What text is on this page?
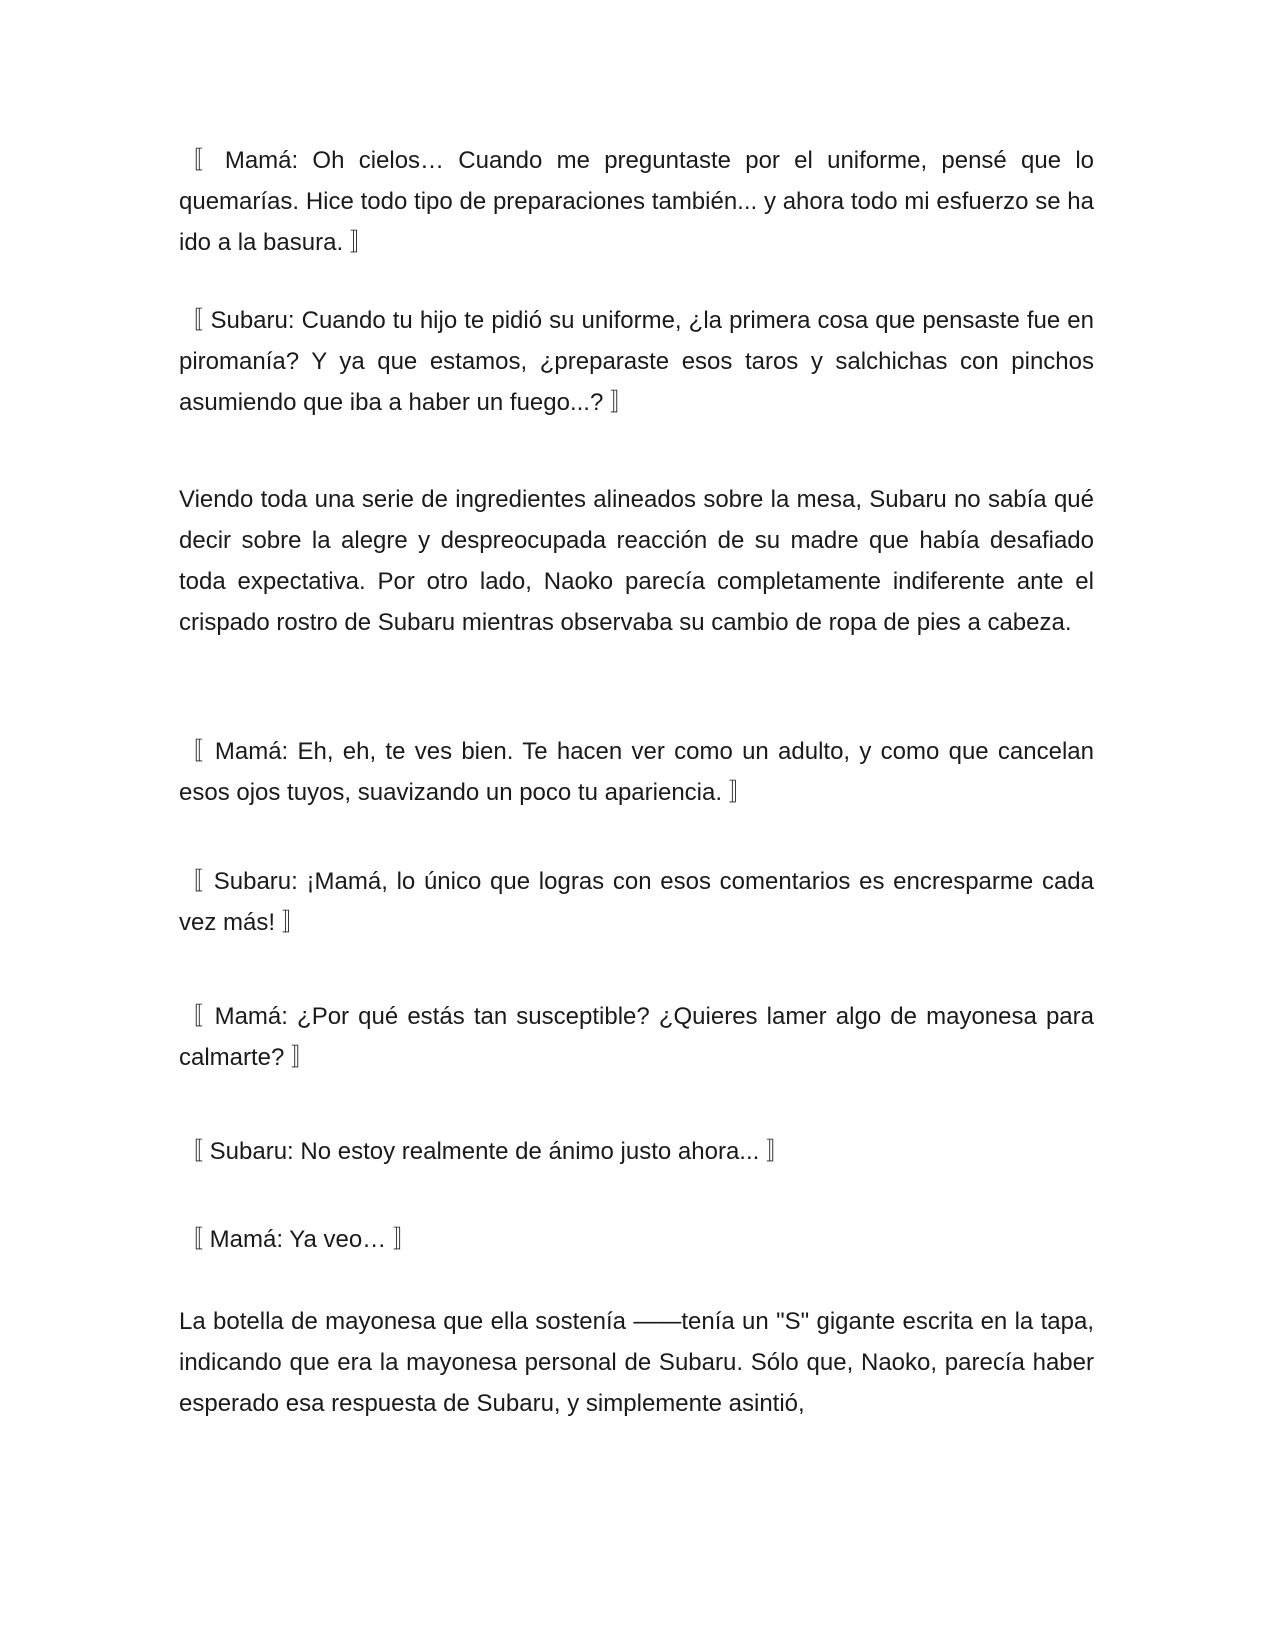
〚 Mamá: Oh cielos… Cuando me preguntaste por el uniforme, pensé que lo quemarías. Hice todo tipo de preparaciones también... y ahora todo mi esfuerzo se ha ido a la basura. 〛

〚 Subaru: Cuando tu hijo te pidió su uniforme, ¿la primera cosa que pensaste fue en piromanía? Y ya que estamos, ¿preparaste esos taros y salchichas con pinchos asumiendo que iba a haber un fuego...? 〛

Viendo toda una serie de ingredientes alineados sobre la mesa, Subaru no sabía qué decir sobre la alegre y despreocupada reacción de su madre que había desafiado toda expectativa. Por otro lado, Naoko parecía completamente indiferente ante el crispado rostro de Subaru mientras observaba su cambio de ropa de pies a cabeza.

〚 Mamá: Eh, eh, te ves bien. Te hacen ver como un adulto, y como que cancelan esos ojos tuyos, suavizando un poco tu apariencia. 〛

〚 Subaru: ¡Mamá, lo único que logras con esos comentarios es encresparme cada vez más! 〛

〚 Mamá: ¿Por qué estás tan susceptible? ¿Quieres lamer algo de mayonesa para calmarte? 〛

〚 Subaru: No estoy realmente de ánimo justo ahora... 〛

〚 Mamá: Ya veo… 〛

La botella de mayonesa que ella sostenía ——tenía un "S" gigante escrita en la tapa, indicando que era la mayonesa personal de Subaru. Sólo que, Naoko, parecía haber esperado esa respuesta de Subaru, y simplemente asintió,
